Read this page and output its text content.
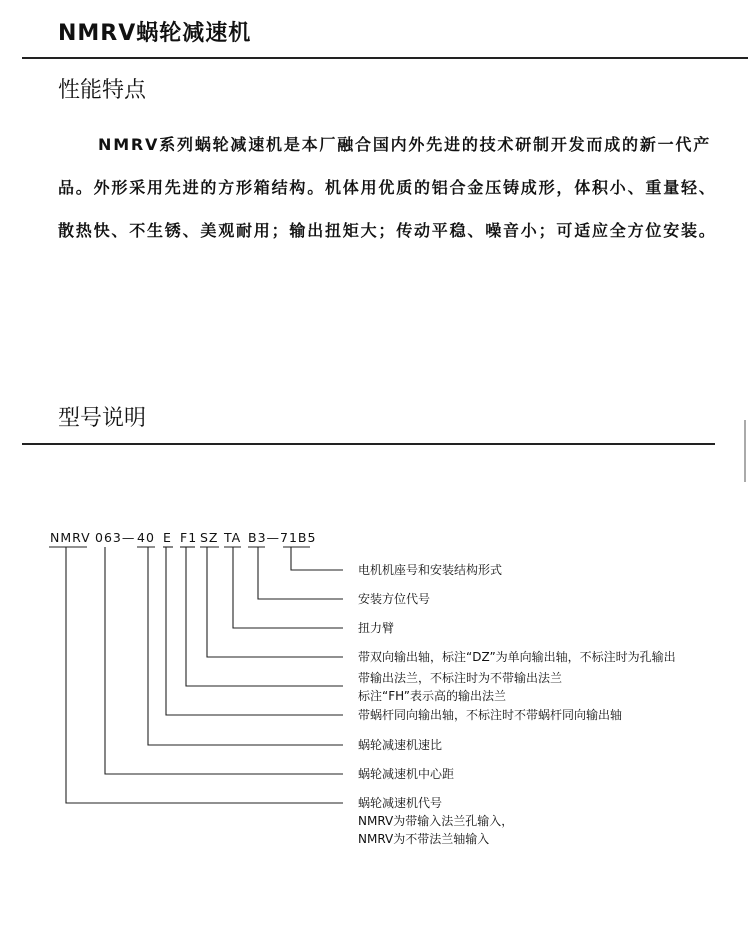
NMRV蜗轮减速机
性能特点

NMRV系列蜗轮减速机是本厂融合国内外先进的技术研制开发而成的新一代产品。外形采用先进的方形箱结构。机体用优质的铝合金压铸成形，体积小、重量轻、散热快、不生锈、美观耐用；输出扭矩大；传动平稳、噪音小；可适应全方位安装。

型号说明
NMRV 063— 40 E F1 SZ TA B3—71B5
电机机座号和安装结构形式
安装方位代号
扭力臂
带双向输出轴，标注“DZ”为单向输出轴，不标注时为孔输出
带输出法兰，不标注时为不带输出法兰
标注“FH”表示高的输出法兰
带蜗杆同向输出轴，不标注时不带蜗杆同向输出轴
蜗轮减速机速比
蜗轮减速机中心距
蜗轮减速机代号
NMRV为带输入法兰孔输入，
NMRV为不带法兰轴输入
